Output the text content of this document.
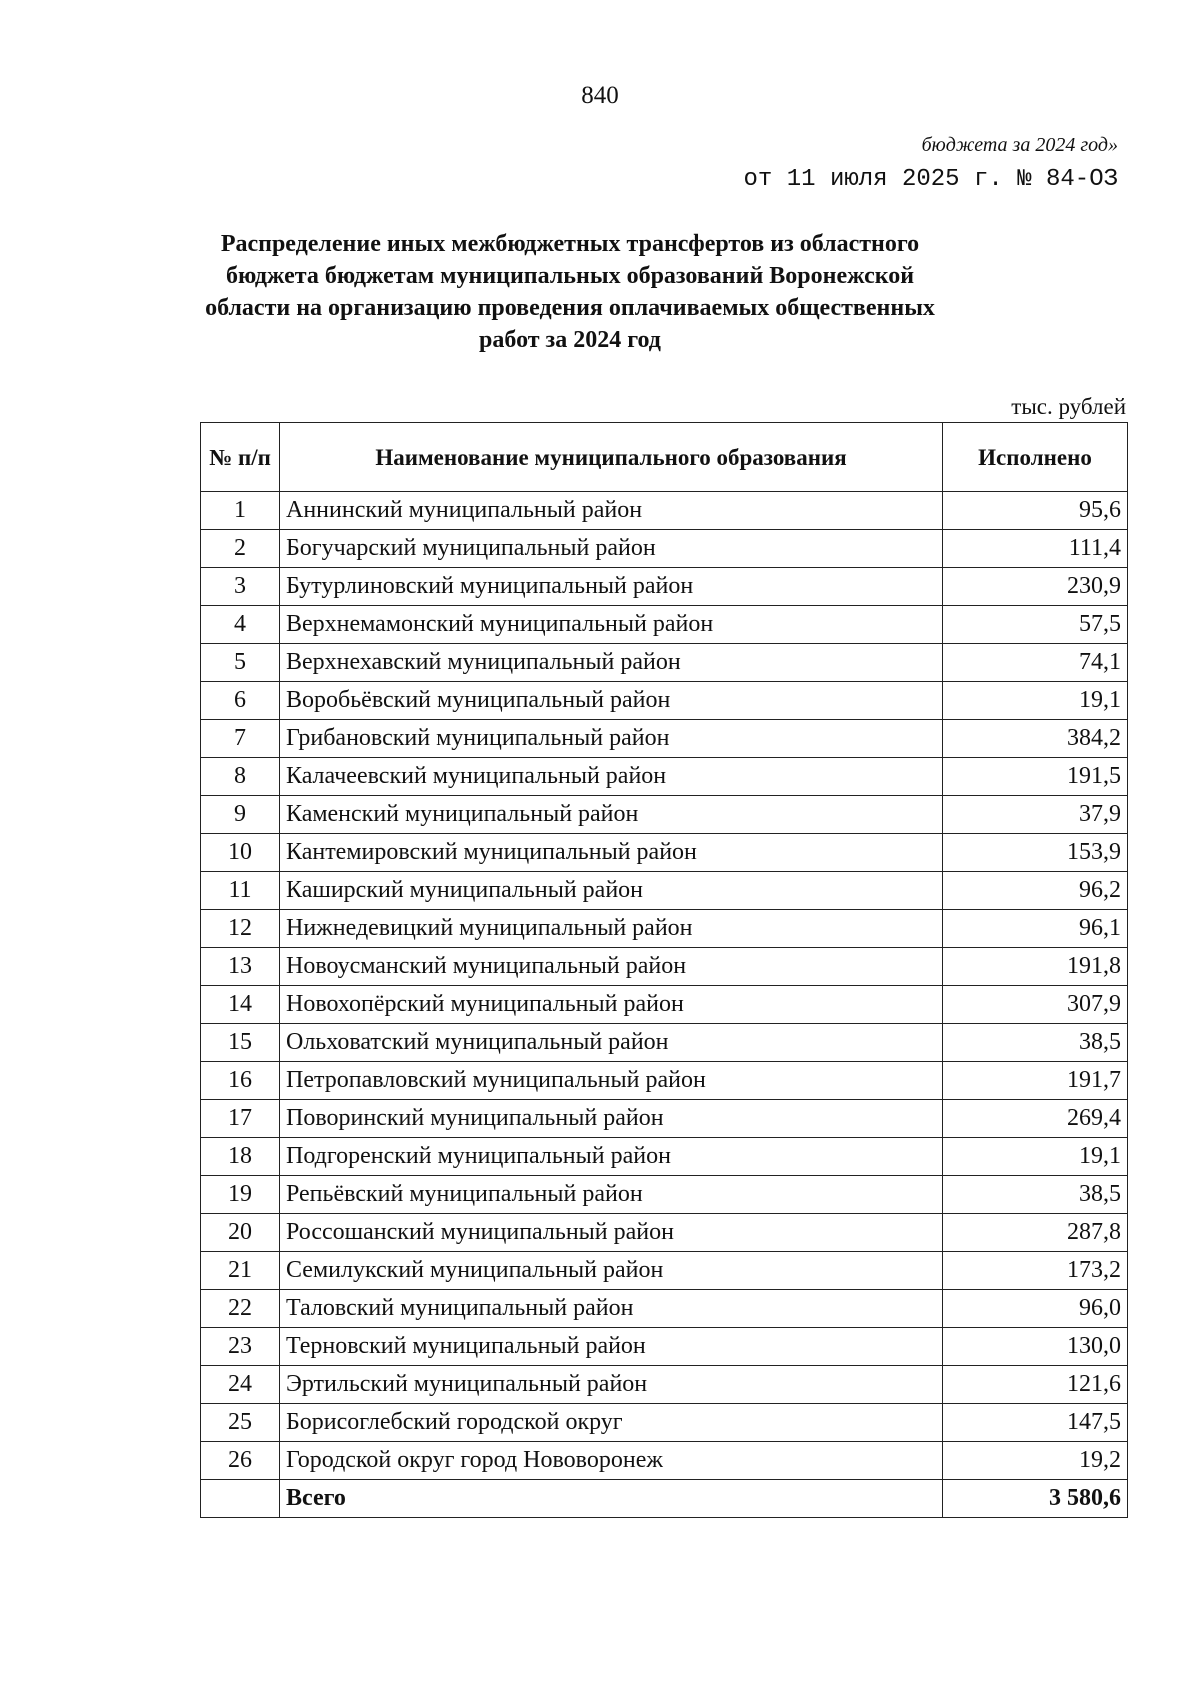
840
бюджета за 2024 год»
от 11 июля 2025 г. № 84-ОЗ
Распределение иных межбюджетных трансфертов из областного бюджета бюджетам муниципальных образований Воронежской области на организацию проведения оплачиваемых общественных работ за 2024 год
тыс. рублей
№ п/п	Наименование муниципального образования	Исполнено
1	Аннинский муниципальный район	95,6
2	Богучарский муниципальный район	111,4
3	Бутурлиновский муниципальный район	230,9
4	Верхнемамонский муниципальный район	57,5
5	Верхнехавский муниципальный район	74,1
6	Воробьёвский муниципальный район	19,1
7	Грибановский муниципальный район	384,2
8	Калачеевский муниципальный район	191,5
9	Каменский муниципальный район	37,9
10	Кантемировский муниципальный район	153,9
11	Каширский муниципальный район	96,2
12	Нижнедевицкий муниципальный район	96,1
13	Новоусманский муниципальный район	191,8
14	Новохопёрский муниципальный район	307,9
15	Ольховатский муниципальный район	38,5
16	Петропавловский муниципальный район	191,7
17	Поворинский муниципальный район	269,4
18	Подгоренский муниципальный район	19,1
19	Репьёвский муниципальный район	38,5
20	Россошанский муниципальный район	287,8
21	Семилукский муниципальный район	173,2
22	Таловский муниципальный район	96,0
23	Терновский муниципальный район	130,0
24	Эртильский муниципальный район	121,6
25	Борисоглебский городской округ	147,5
26	Городской округ город Нововоронеж	19,2
	Всего	3 580,6
